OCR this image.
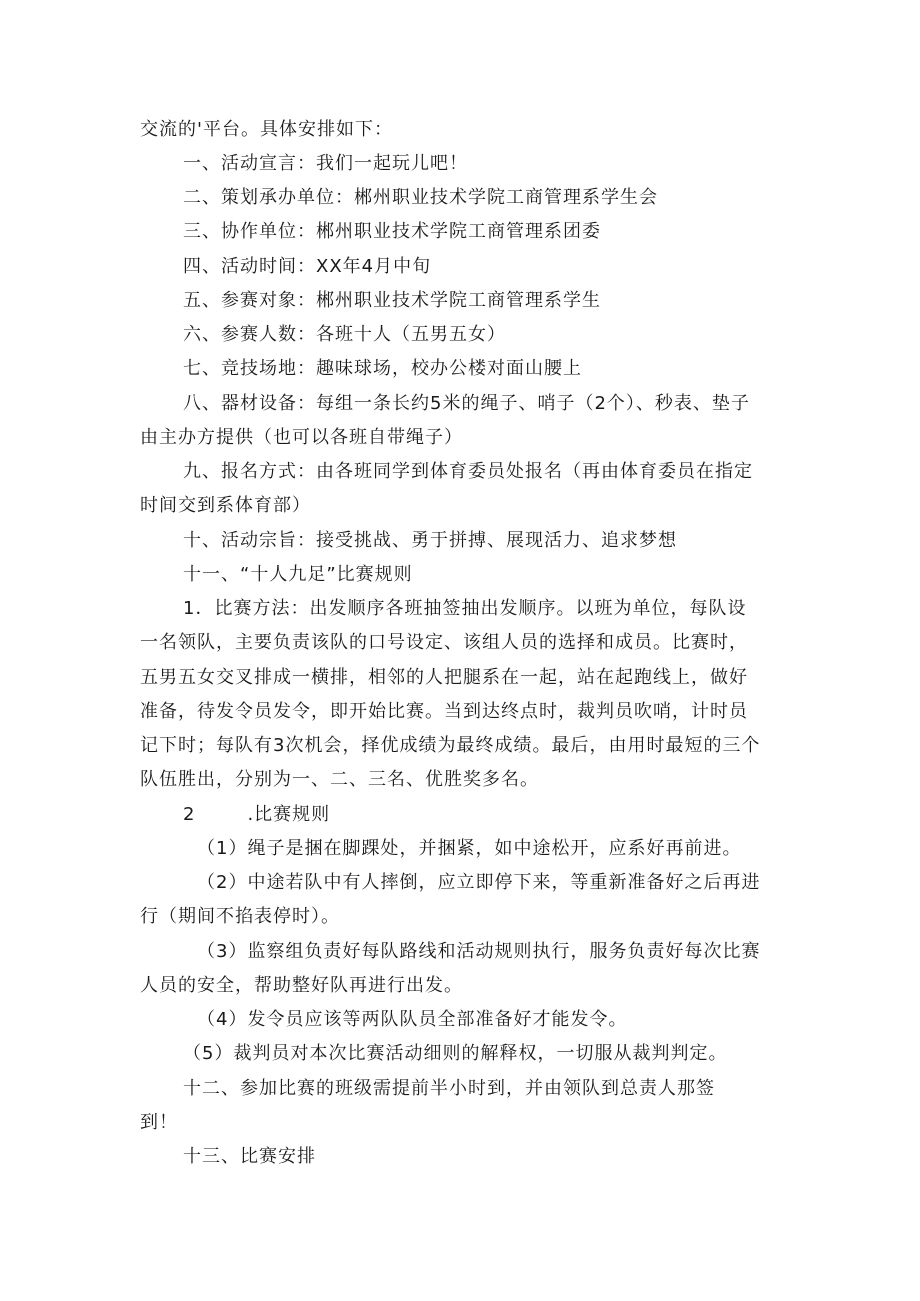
交流的'平台。具体安排如下：
一、活动宣言：我们一起玩儿吧！
二、策划承办单位：郴州职业技术学院工商管理系学生会
三、协作单位：郴州职业技术学院工商管理系团委
四、活动时间：XX年4月中旬
五、参赛对象：郴州职业技术学院工商管理系学生
六、参赛人数：各班十人（五男五女）
七、竞技场地：趣味球场，校办公楼对面山腰上
八、器材设备：每组一条长约5米的绳子、哨子（2个）、秒表、垫子
由主办方提供（也可以各班自带绳子）
九、报名方式：由各班同学到体育委员处报名（再由体育委员在指定
时间交到系体育部）
十、活动宗旨：接受挑战、勇于拼搏、展现活力、追求梦想
十一、“十人九足”比赛规则
1．比赛方法：出发顺序各班抽签抽出发顺序。以班为单位，每队设
一名领队，主要负责该队的口号设定、该组人员的选择和成员。比赛时，
五男五女交叉排成一横排，相邻的人把腿系在一起，站在起跑线上，做好
准备，待发令员发令，即开始比赛。当到达终点时，裁判员吹哨，计时员
记下时；每队有3次机会，择优成绩为最终成绩。最后，由用时最短的三个
队伍胜出，分别为一、二、三名、优胜奖多名。
2	.比赛规则
（1）绳子是捆在脚踝处，并捆紧，如中途松开，应系好再前进。
（2）中途若队中有人摔倒，应立即停下来，等重新准备好之后再进
行（期间不掐表停时）。
（3）监察组负责好每队路线和活动规则执行，服务负责好每次比赛
人员的安全，帮助整好队再进行出发。
（4）发令员应该等两队队员全部准备好才能发令。
（5）裁判员对本次比赛活动细则的解释权，一切服从裁判判定。
十二、参加比赛的班级需提前半小时到，并由领队到总责人那签
到！
十三、比赛安排
